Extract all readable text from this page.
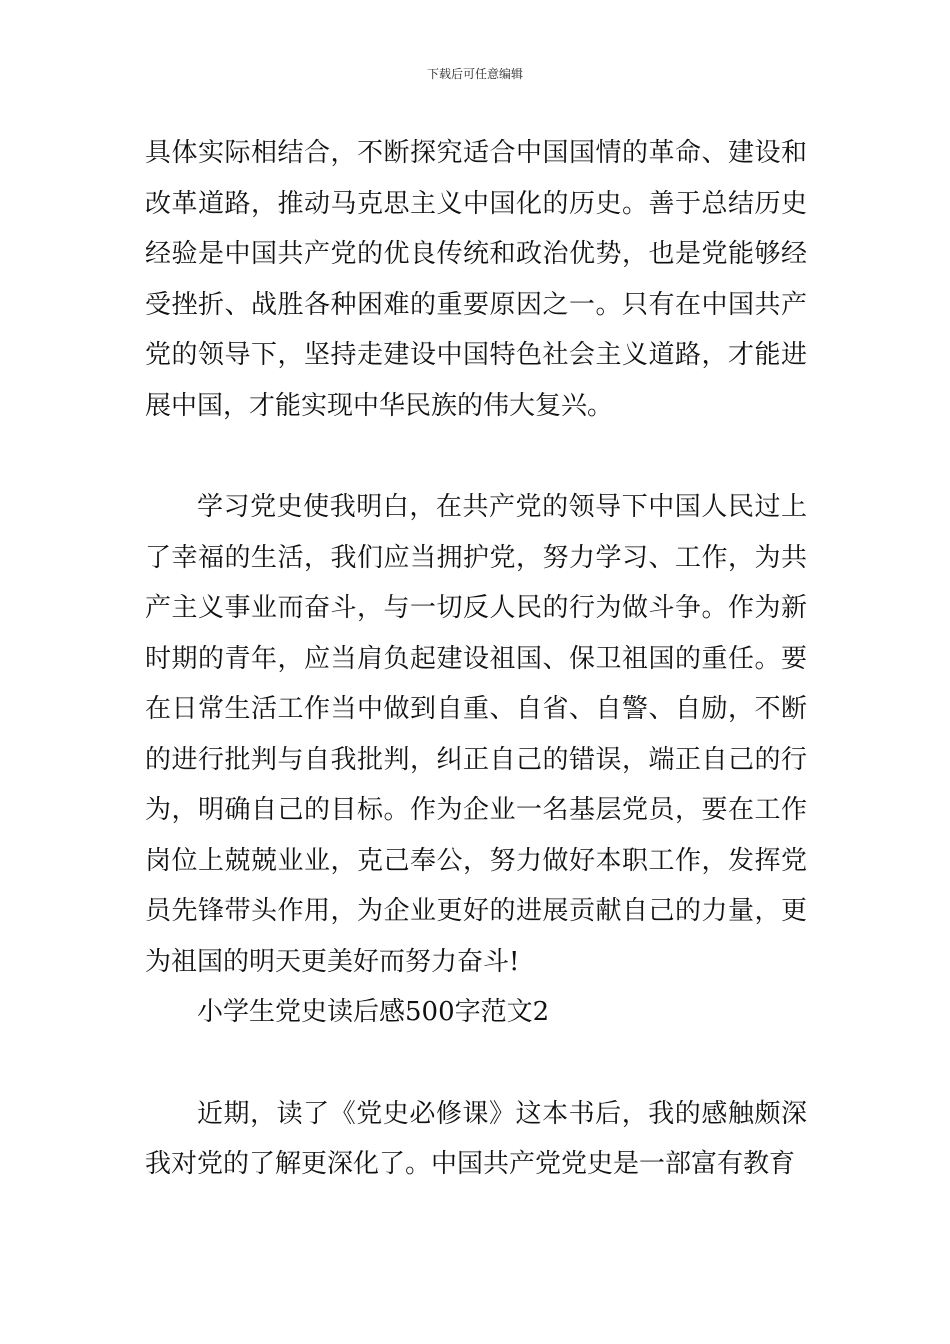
下载后可任意编辑

具体实际相结合，不断探究适合中国国情的革命、建设和改革道路，推动马克思主义中国化的历史。善于总结历史经验是中国共产党的优良传统和政治优势，也是党能够经受挫折、战胜各种困难的重要原因之一。只有在中国共产党的领导下，坚持走建设中国特色社会主义道路，才能进展中国，才能实现中华民族的伟大复兴。

学习党史使我明白，在共产党的领导下中国人民过上了幸福的生活，我们应当拥护党，努力学习、工作，为共产主义事业而奋斗，与一切反人民的行为做斗争。作为新时期的青年，应当肩负起建设祖国、保卫祖国的重任。要在日常生活工作当中做到自重、自省、自警、自励，不断的进行批判与自我批判，纠正自己的错误，端正自己的行为，明确自己的目标。作为企业一名基层党员，要在工作岗位上兢兢业业，克己奉公，努力做好本职工作，发挥党员先锋带头作用，为企业更好的进展贡献自己的力量，更为祖国的明天更美好而努力奋斗!

小学生党史读后感500字范文2

近期，读了《党史必修课》这本书后，我的感触颇深我对党的了解更深化了。中国共产党党史是一部富有教育
